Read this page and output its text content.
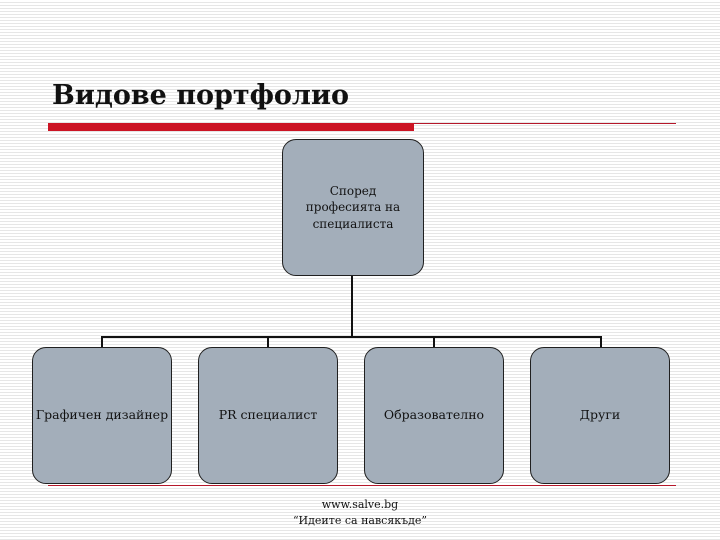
Видове портфолио
Според
професията на
специалиста
Графичен дизайнер	PR специалист	Образователно	Други
www.salve.bg
“Идеите са навсякъде”
